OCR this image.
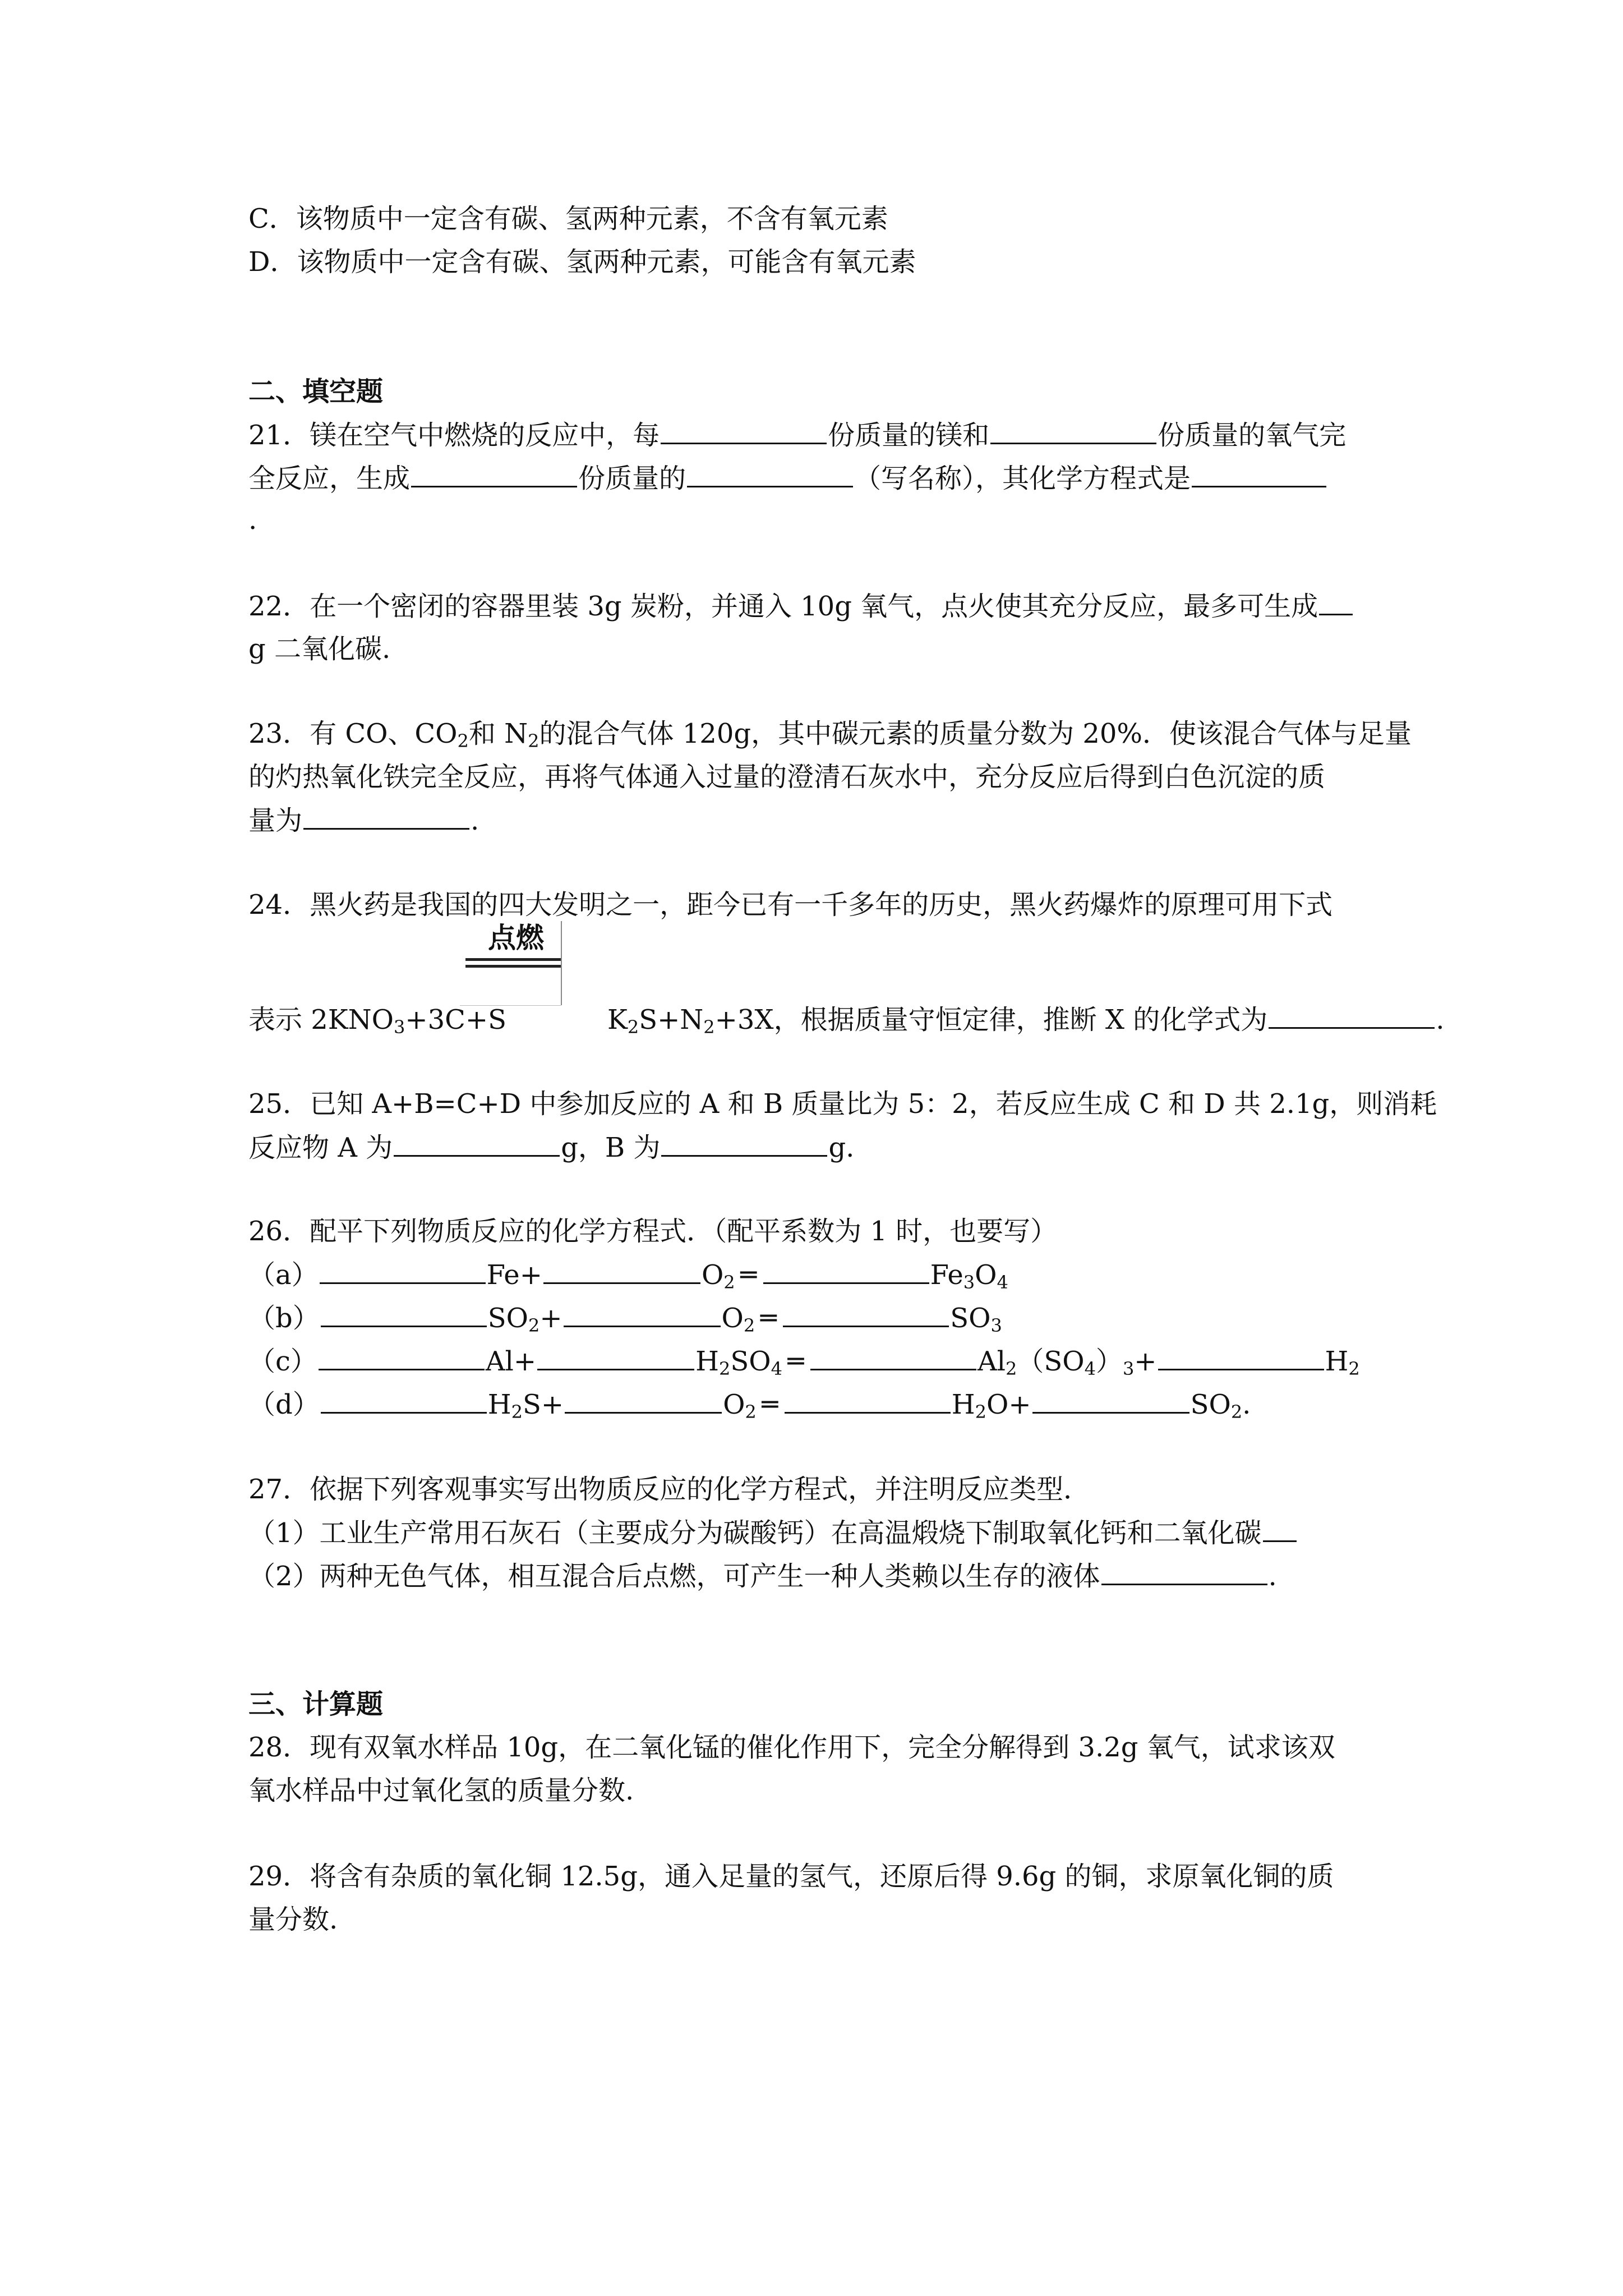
C．该物质中一定含有碳、氢两种元素，不含有氧元素
D．该物质中一定含有碳、氢两种元素，可能含有氧元素
二、填空题
21．镁在空气中燃烧的反应中，每	份质量的镁和	份质量的氧气完
全反应，生成	份质量的	（写名称），其化学方程式是
.
22．在一个密闭的容器里装 3g 炭粉，并通入 10g 氧气，点火使其充分反应，最多可生成
g 二氧化碳.
23．有 CO、$CO_2$和 $N_2$的混合气体 120g，其中碳元素的质量分数为 20%．使该混合气体与足量
的灼热氧化铁完全反应，再将气体通入过量的澄清石灰水中，充分反应后得到白色沉淀的质
量为	.
24．黑火药是我国的四大发明之一，距今已有一千多年的历史，黑火药爆炸的原理可用下式
点燃
表示 $2KNO_3+3C+S$	$K_2S+N_2+3X$，根据质量守恒定律，推断 X 的化学式为	.
25．已知 A+B=C+D 中参加反应的 A 和 B 质量比为 5：2，若反应生成 C 和 D 共 2.1g，则消耗
反应物 A 为	g，B 为	g.
26．配平下列物质反应的化学方程式．（配平系数为 1 时，也要写）
（a）	Fe+	$O_2═$	$Fe_3O_4$
（b）	$SO_2+$	$O_2═$	$SO_3$
（c）	Al+	$H_2SO_4═$	$Al_2(SO_4)_3+$	$H_2$
（d）	$H_2S+$	$O_2═$	$H_2O+$	$SO_2$.
27．依据下列客观事实写出物质反应的化学方程式，并注明反应类型．
（1）工业生产常用石灰石（主要成分为碳酸钙）在高温煅烧下制取氧化钙和二氧化碳
（2）两种无色气体，相互混合后点燃，可产生一种人类赖以生存的液体	.
三、计算题
28．现有双氧水样品 10g，在二氧化锰的催化作用下，完全分解得到 3.2g 氧气，试求该双
氧水样品中过氧化氢的质量分数.
29．将含有杂质的氧化铜 12.5g，通入足量的氢气，还原后得 9.6g 的铜，求原氧化铜的质
量分数.
